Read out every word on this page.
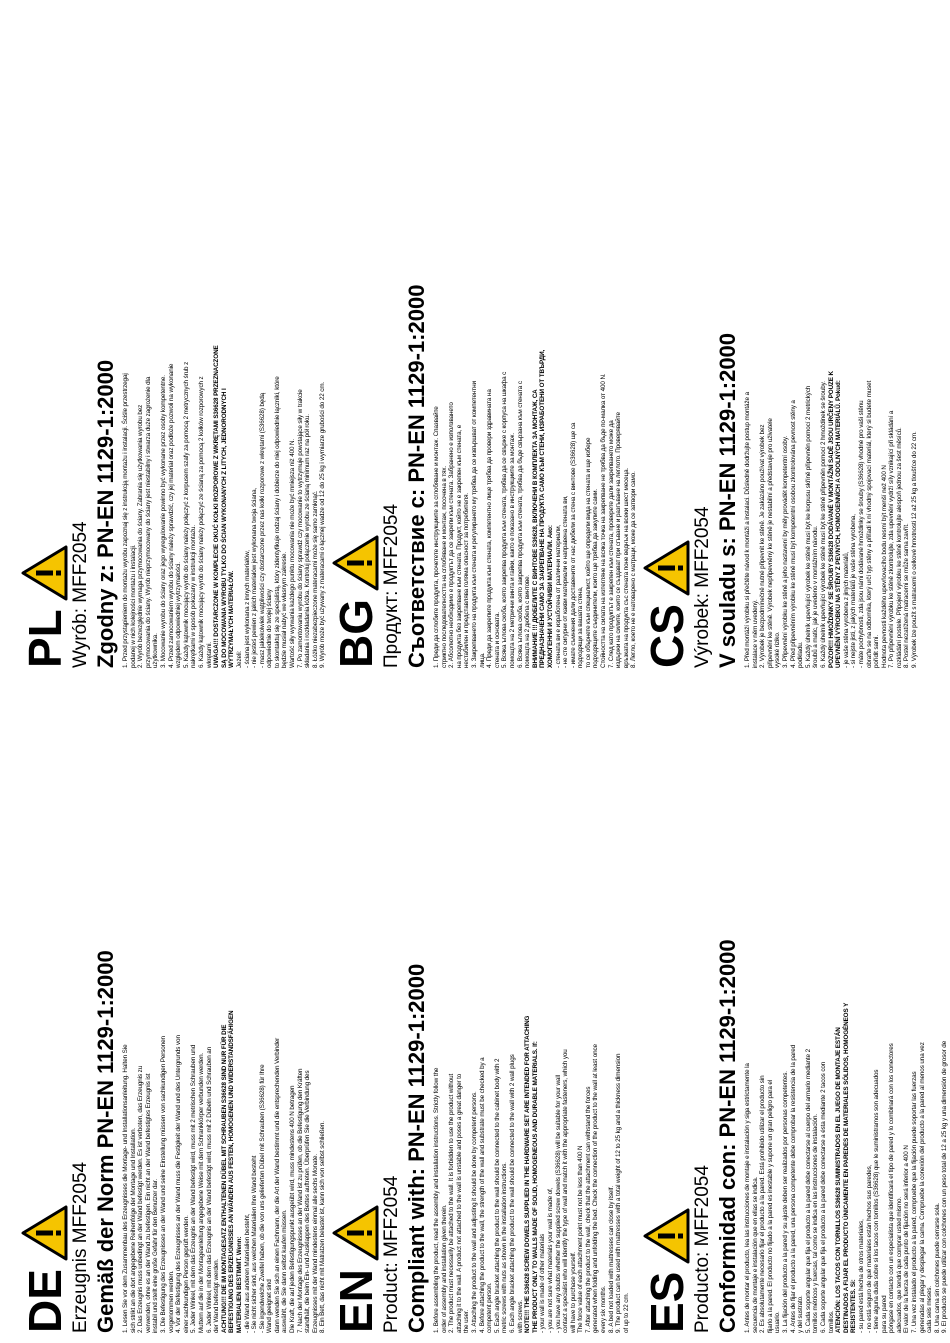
PL Wyrób: MFF2054 Zgodny z: PN-EN 1129-1:2000 1. Przed przystąpieniem do montażu wyrobu zapoznaj się z instrukcją montażu i instalacji. Ściśle przestrzegaj podanej w nich kolejności montażu i instalacji. 2. Wyrób bezwzględnie wymaga przymocowania do ściany. Zabrania się użytkowania wyrobu bez przymocowania do ściany. Wyrób nieprzymocowany do ściany jest niestabilny i stwarza duże zagrożenie dla użytkownika. 3. Mocowanie wyrobu do ściany oraz jego wyregulowanie powinno być wykonane przez osoby kompetentne. 4. Przed zamocowaniem wyrobu do ściany należy sprawdzić, czy jej materiał oraz podłoże pozwoli na wykonanie względem odpowiedniej wytrzymałości. 5. Każdy kątownik mocujący wyrób do ściany należy połączyć z korpusem szafy za pomocą 2 metrycznych śrub z nakrętkami w sposób pokazany w instrukcji montażu. 6. Każdy kątownik mocujący wyrób do ściany należy połączyć ze ścianą za pomocą 2 kołków rozporowych z wkrętami. UWAGA!!! DOSTARCZONE W KOMPLECIE OKUĆ KOŁKI ROZPOROWE Z WKRĘTAMI S36628 PRZEZNACZONE SĄ DO MOCOWANIA WYROBU TYLKO DO ŚCIAN WYKONANYCH Z LITYCH, JEDNORODNYCH I WYTRZYMAŁYCH MATERIAŁÓW. Jeżeli: - ściana jest wykonana z innych materiałów, - nie jesteś pewien z jakich materiałów jest wykonana twoja ściana, - masz jakiekolwiek wątpliwości czy dostarczone przez nas kołki rozporowe z wkrętami (S36628) będą odpowiednie do twojej ściany to skontaktuj się ze specjalistą, który zidentyfikuje rodzaj ściany i dobierze do niej odpowiednie łączniki, które będzie musiał nabyć we własnym zakresie. Wartość siły wyrwania każdego punktu mocowania nie może być mniejsza niż 400 N. 7. Po zamontowaniu wyrobu do ściany sprawdź czy mocowanie to wytrzymuje powstające siły w trakcie składania i rozkładania łóżka. Kontroluj połączenie wyrobu ze ścianą minimum raz na pół roku. 8. Łóżko niezabezpieczone materacami może się samo zamknąć. 9. Wyrób może być używany z materacami o łącznej wadze od 12 do 25 kg i wymiarze grubości do 22 cm.

DE Erzeugnis MFF2054 Gemäß der Norm PN-EN 1129-1:2000 1. Lesen Sie vor dem Zusammenbau des Erzeugnisses die Montage- und Installationsanleitung. Halten Sie sich strikt an die dort angegebene Reihenfolge der Montage und Installation. 2. Das Erzeugnis muss unbedingt an der Wand befestigt werden. Es ist verboten, das Erzeugnis zu verwenden, ohne es an der Wand zu befestigen. Ein nicht an der Wand befestigtes Erzeugnis ist instabil und stellt eine große Gefahr für den Benutzer dar. 3. Die Befestigung des Erzeugnisses an der Wand und seine Einstellung müssen von sachkundigen Personen vorgenommen werden. 4. Vor der Befestigung des Erzeugnisses an der Wand muss die Festigkeit der Wand und des Untergrunds von einer sachkundigen Person geprüft werden. 5. Jeder Winkel, mit dem das Erzeugnis an der Wand befestigt wird, muss mit 2 metrischen Schrauben und Muttern auf die in der Montageanleitung angegebene Weise mit dem Schrankkörper verbunden werden. 6. Jeder Winkel, mit dem das Erzeugnis an der Wand befestigt wird, muss mit 2 Dübeln und Schrauben an der Wand befestigt werden. ACHTUNG!!! DIE IM MONTAGESATZ ENTHALTENEN DÜBEL MIT SCHRAUBEN S36628 SIND NUR FÜR DIE BEFESTIGUNG DES ERZEUGNISSES AN WÄNDEN AUS FESTEN, HOMOGENEN UND WIDERSTANDSFÄHIGEN MATERIALIEN BESTIMMT. Wenn: - die Wand aus anderen Materialien besteht, - Sie nicht sicher sind, aus welchen Materialien Ihre Wand besteht - Sie irgendwelche Zweifel haben, ob die von uns gelieferten Dübel mit Schrauben (S36628) für Ihre Wand geeignet sind dann wenden Sie sich an einen Fachmann, der die Art der Wand bestimmt und die entsprechenden Verbinder auswählt, die Sie dann selbst kaufen müssen. Die Kraft, die auf jeden Befestigungspunkt ausgeübt wird, muss mindestens 400 N betragen 7. Nach der Montage des Erzeugnisses an der Wand ist zu prüfen, ob die Befestigung den Kräften standhält, die beim Ein- und Ausklappen des Bettes auftreten. Überprüfen Sie die Verbindung des Erzeugnisses mit der Wand mindestens einmal alle sechs Monate. 8. Ein Bett, das nicht mit Matratzen belastet ist, kann sich von selbst schließen.

BG Продукт: MFF2054 Съответствие с: PN-EN 1129-1:2000 1. Преди да сглобите продукта, прочетете инструкциите за сглобяване и монтаж. Спазвайте стриктно последователността на сглобяване и монтаж, посочена в тях. 2. Абсолютно необходимо е продуктът да се закрепи към стената. Забранено е използването на продукта без закрепване към стената. Продукт, който не е закрепен към стената, е нестабилен и представлява голяма опасност за потребителя. 3. Закрепването на продукта към стената и регулирането му трябва да се извършват от компетентни лица. 4. Преди да закрепите продукта към стената, компетентно лице трябва да провери здравината на стената и основата. 5. Всяка ъглова скоба, която закрепва продукта към стената, трябва да се свърже с корпуса на шкафа с помощта на 2 метрични винта и гайки, както е показано в инструкциите за монтаж. 6. Всяка ъглова скоба, която закрепва продукта към стената, трябва да бъде свързана към стената с помощта на 2 дюбела с винтове. ВНИМАНИЕ !!! ДЮБЕЛИТЕ С ВИНТОВЕ S36628, ВКЛЮЧЕНИ В КОМПЛЕКТА ЗА МОНТАЖ, СА ПРЕДНАЗНАЧЕНИ САМО ЗА ЗАКРЕПВАНЕ НА ПРОДУКТА САМО КЪМ СТЕНИ, ИЗРАБОТЕНИ ОТ ТВЪРДИ, ХОМОГЕННИ И УСТОЙЧИВИ МАТЕРИАЛИ. Ако: - стената ви е изработена от различни материали, - не сте сигурни от какви материали е направена стената ви, - имате съмнения дали доставените от нас дюбели за стена с винтове (S36628) ще са подходящи за вашата стена, то се обърнете към специалист, който ще определи вида на стената и ще избере подходящите съединители, които ще трябва да закупите сами. Стойността на силата на изтегляне на всяка точка на закрепване не трябва да бъде по-малка от 400 N. 7. След като продуктът е закрепен към стената, проверете дали закрепването може да издържи на силите, които се създават при сгъване и разгъване на леглото. Проверявайте връзката на продукта със стената поне веднъж на всеки шест месеца. 8. Легло, което не е натоварено с матраци, може да се затвори само.

EN Product: MFF2054 Compliant with: PN-EN 1129-1:2000 1. Before assembling the product, read the assembly and installation instructions. Strictly follow the order of assembly and installation given therein. 2. The product must necessarily be attached to the wall. It is forbidden to use the product without attaching it to the wall. A product not attached to the wall is unstable and poses a great danger to the user. 3. Attaching the product to the wall and adjusting it should be done by competent persons. 4. Before attaching the product to the wall, the strength of the wall and substrate must be checked by a competent person. 5. Each angle bracket attaching the product to the wall should be connected to the cabinet body with 2 metric screws with nuts as shown in the installation instructions. 6. Each angle bracket attaching the product to the wall should be connected to the wall with 2 wall plugs with screws. NOTE!!! THE S36628 SCREW DOWELS SUPPLIED IN THE HARDWARE SET ARE INTENDED FOR ATTACHING THE PRODUCT ONLY TO WALLS MADE OF SOLID, HOMOGENEOUS AND DURABLE MATERIALS. If: - your wall is made of other materials - you are not sure what materials your wall is made of, - you have any doubts whether the supplied screw dowels (S36628) will be suitable for your wall contact a specialist who will identify the type of wall and match it with the appropriate fasteners, which you will have to purchase yourself. The force value of each attachment point must not be less than 400 N 7. After attaching the product to the wall, check that the attachment can withstand the forces generated when folding and unfolding the bed. Check the connection of the product to the wall at least once every six months. 8. A bed not loaded with mattresses can close by itself. 9. The product can be used with mattresses with a total weight of 12 to 25 kg and a thickness dimension of up to 22 cm.

CS Výrobek: MFF2054 V souladu s: PN-EN 1129-1:2000 1. Před montáží výrobku si přečtěte návod k montáži a instalaci. Důsledně dodržujte postup montáže a instalace v něm uvedený. 2. Výrobek je bezpodmínečně nutné připevnit ke stěně. Je zakázáno používat výrobek bez připevnění ke stěně. Výrobek nepřipevněný ke stěně je nestabilní a představuje pro uživatele vysoké riziko. 3. Připevnění výrobku ke stěně a jeho nastavení by měly provádět kompetentní osoby. 4. Před připevněním výrobku ke stěně musí být kompetentní osobou zkontrolována pevnost stěny a podkladu. 5. Každý úhelník upevňující výrobek ke stěně musí být ke korpusu skříně připevněn pomocí 2 metrických šroubů a matic, jak je uvedeno v montážním návodu. 6. Každý úhelník upevňující výrobek ke stěně musí být ke stěně připevněn pomocí 2 hmoždinek se šrouby. POZOR!!! HMOŽDINKY SE ŠROUBY S36628 DODÁVANÉ V MONTÁŽNÍ SADĚ JSOU URČENY POUZE K UPEVNĚNÍ VÝROBKU NA STĚNY Z PEVNÝCH, HOMOGENNÍCH A ODOLNÝCH MATERIÁLŮ. Pokud: - je vaše stěna vyrobena z jiných materiálů, - si nejste jisti, z jakých materiálů je vaše stěna vyrobena, - máte pochybnosti, zda jsou námi dodávané hmoždinky se šrouby (S36628) vhodné pro vaši stěnu obraťte se na odborníka, který určí typ stěny a přiřadí k ní vhodný spojovací materiál, který si budete muset pořídit sami. Hodnota pevnosti každého upevňovacího bodu nesmí být menší než 400 N 7. Po připevnění výrobku ke stěně zkontrolujte, zda upevnění vydrží síly vznikající při skládání a rozkládání postele. Připojení výrobku ke stěně kontrolujte alespoň jednou za šest měsíců. 8. Postel nezatížená matracemi se může sama zavřít. 9. Výrobek lze použít s matracemi o celkové hmotnosti 12 až 25 kg a tloušťce do 22 cm.

ES Producto: MFF2054 Conformidad con: PN-EN 1129-1:2000 1. Antes de montar el producto, lea las instrucciones de montaje e instalación y siga estrictamente la secuencia de montaje e instalación que en ellas se indica. 2. Es absolutamente necesario fijar el producto a la pared. Está prohibido utilizar el producto sin fijarlo a la pared. El producto no fijado a la pared es inestable y supone un gran peligro para el usuario. 3. La fijación del producto a la pared y su ajuste deben ser realizados por personas competentes. 4. Antes de fijar el producto a la pared, una persona competente debe comprobar la resistencia de la pared y del sustrato. 5. Cada soporte angular que fija el producto a la pared debe conectarse al cuerpo del armario mediante 2 tornillos métricos y tuercas, tal como se indica en las instrucciones de instalación. 6. Cada soporte angular que fija el producto a la pared debe conectarse a ésta mediante 2 tacos con tornillos. ATENCIÓN: LOS TACOS CON TORNILLOS S36628 SUMINISTRADOS EN EL JUEGO DE MONTAJE ESTÁN DESTINADOS A FIJAR EL PRODUCTO ÚNICAMENTE EN PAREDES DE MATERIALES SÓLIDOS, HOMOGÉNEOS Y RESISTENTES. Si: - su pared está hecha de otros materiales, - no está seguro de qué materiales están hechos sus paredes, - tiene alguna duda sobre si los tacos con tornillos (S36628) que le suministramos son adecuados para su pared póngase en contacto con un especialista que identificará el tipo de pared y lo combinará con los conectores adecuados, que tendrá que comprar usted mismo. El valor de la fuerza de cada punto de fijación no será inferior a 400 N 7. Una vez instalado el producto a la pared, compruebe que la fijación puede soportar las fuerzas generadas al plegar y desplegar la cama. Compruebe la conexión del producto a la pared al menos una vez cada seis meses. 8. Una cama sin colchones puede cerrarse sola. 9. El producto se puede utilizar con colchones con un peso total de 12 a 25 kg y una dimensión de grosor de
